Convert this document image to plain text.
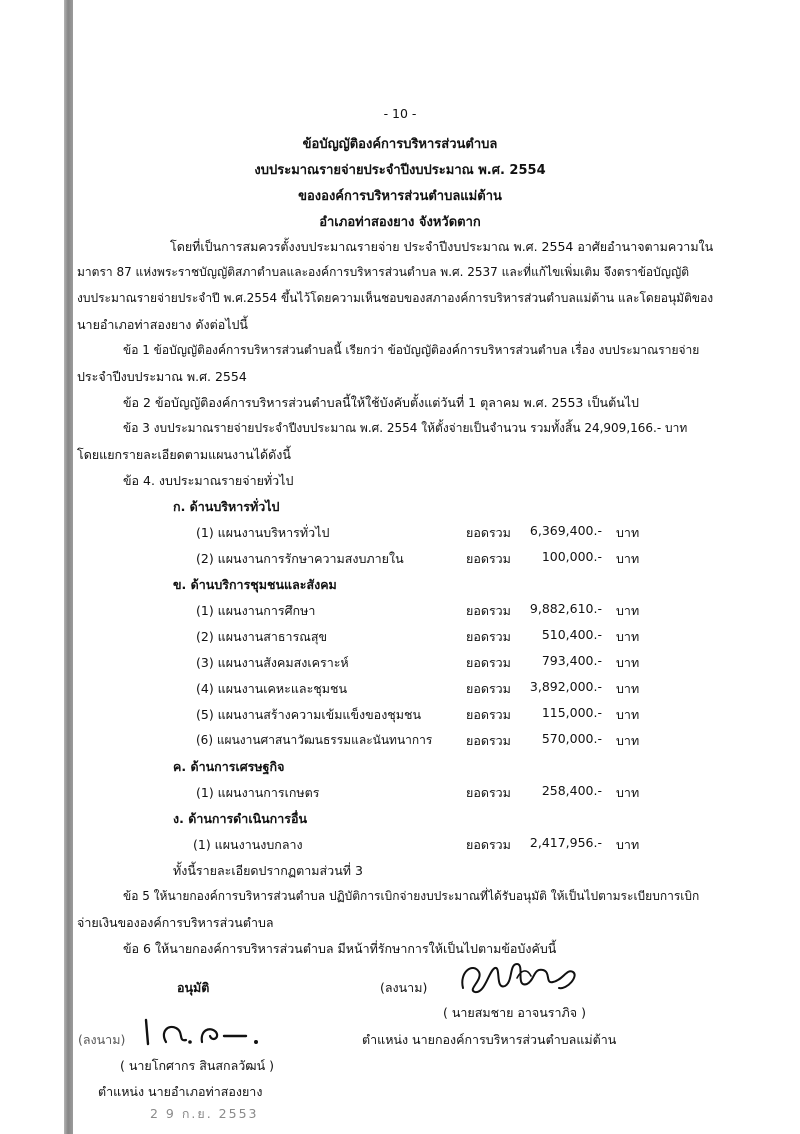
- 10 -
ข้อบัญญัติองค์การบริหารส่วนตำบล
งบประมาณรายจ่ายประจำปีงบประมาณ พ.ศ. 2554
ขององค์การบริหารส่วนตำบลแม่ต้าน
อำเภอท่าสองยาง จังหวัดตาก
โดยที่เป็นการสมควรตั้งงบประมาณรายจ่าย ประจำปีงบประมาณ พ.ศ. 2554 อาศัยอำนาจตามความใน
มาตรา 87 แห่งพระราชบัญญัติสภาตำบลและองค์การบริหารส่วนตำบล พ.ศ. 2537 และที่แก้ไขเพิ่มเติม จึงตราข้อบัญญัติ
งบประมาณรายจ่ายประจำปี พ.ศ.2554 ขึ้นไว้โดยความเห็นชอบของสภาองค์การบริหารส่วนตำบลแม่ต้าน และโดยอนุมัติของ
นายอำเภอท่าสองยาง ดังต่อไปนี้
ข้อ 1 ข้อบัญญัติองค์การบริหารส่วนตำบลนี้ เรียกว่า ข้อบัญญัติองค์การบริหารส่วนตำบล เรื่อง งบประมาณรายจ่าย
ประจำปีงบประมาณ พ.ศ. 2554
ข้อ 2 ข้อบัญญัติองค์การบริหารส่วนตำบลนี้ให้ใช้บังคับตั้งแต่วันที่ 1 ตุลาคม พ.ศ. 2553 เป็นต้นไป
ข้อ 3 งบประมาณรายจ่ายประจำปีงบประมาณ พ.ศ. 2554 ให้ตั้งจ่ายเป็นจำนวน รวมทั้งสิ้น 24,909,166.- บาท
โดยแยกรายละเอียดตามแผนงานได้ดังนี้
ข้อ 4. งบประมาณรายจ่ายทั่วไป
ก. ด้านบริหารทั่วไป
(1) แผนงานบริหารทั่วไป	ยอดรวม	6,369,400.- บาท
(2) แผนงานการรักษาความสงบภายใน	ยอดรวม	100,000.- บาท
ข. ด้านบริการชุมชนและสังคม
(1) แผนงานการศึกษา	ยอดรวม	9,882,610.- บาท
(2) แผนงานสาธารณสุข	ยอดรวม	510,400.- บาท
(3) แผนงานสังคมสงเคราะห์	ยอดรวม	793,400.- บาท
(4) แผนงานเคหะและชุมชน	ยอดรวม	3,892,000.- บาท
(5) แผนงานสร้างความเข้มแข็งของชุมชน	ยอดรวม	115,000.- บาท
(6) แผนงานศาสนาวัฒนธรรมและนันทนาการ	ยอดรวม	570,000.- บาท
ค. ด้านการเศรษฐกิจ
(1) แผนงานการเกษตร	ยอดรวม	258,400.- บาท
ง. ด้านการดำเนินการอื่น
(1) แผนงานงบกลาง	ยอดรวม	2,417,956.- บาท
ทั้งนี้รายละเอียดปรากฏตามส่วนที่ 3
ข้อ 5 ให้นายกองค์การบริหารส่วนตำบล ปฏิบัติการเบิกจ่ายงบประมาณที่ได้รับอนุมัติ ให้เป็นไปตามระเบียบการเบิก
จ่ายเงินขององค์การบริหารส่วนตำบล
ข้อ 6 ให้นายกองค์การบริหารส่วนตำบล มีหน้าที่รักษาการให้เป็นไปตามข้อบังคับนี้
อนุมัติ	(ลงนาม)
( นายสมชาย อาจนราภิจ )
(ลงนาม)	ตำแหน่ง นายกองค์การบริหารส่วนตำบลแม่ต้าน
( นายโกศากร สินสกลวัฒน์ )
ตำแหน่ง นายอำเภอท่าสองยาง
2 9 ก.ย. 2553
